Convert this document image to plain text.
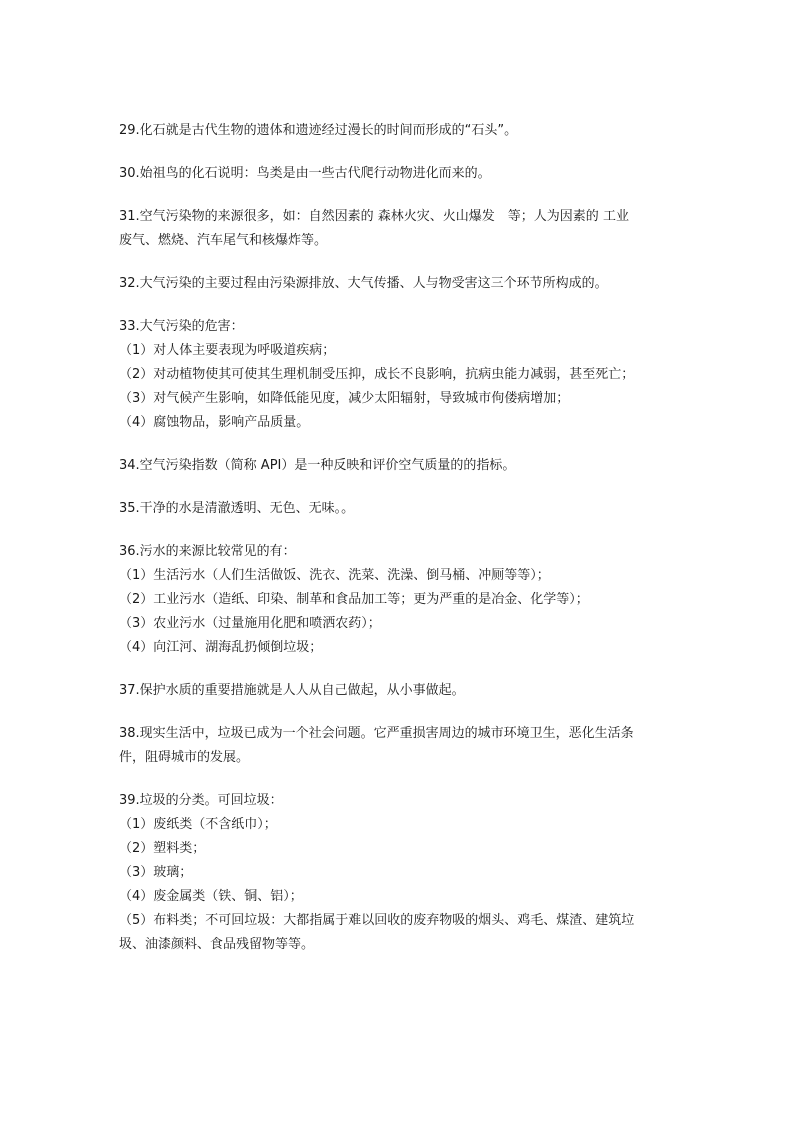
29.化石就是古代生物的遗体和遗迹经过漫长的时间而形成的“石头”。
30.始祖鸟的化石说明：鸟类是由一些古代爬行动物进化而来的。
31.空气污染物的来源很多，如：自然因素的 森林火灾、火山爆发　等；人为因素的 工业
废气、燃烧、汽车尾气和核爆炸等。
32.大气污染的主要过程由污染源排放、大气传播、人与物受害这三个环节所构成的。
33.大气污染的危害：
（1）对人体主要表现为呼吸道疾病；
（2）对动植物使其可使其生理机制受压抑，成长不良影响，抗病虫能力减弱，甚至死亡；
（3）对气候产生影响，如降低能见度，减少太阳辐射，导致城市佝偻病增加；
（4）腐蚀物品，影响产品质量。
34.空气污染指数（简称 API）是一种反映和评价空气质量的的指标。
35.干净的水是清澈透明、无色、无味。。
36.污水的来源比较常见的有：
（1）生活污水（人们生活做饭、洗衣、洗菜、洗澡、倒马桶、冲厕等等）；
（2）工业污水（造纸、印染、制革和食品加工等；更为严重的是冶金、化学等）；
（3）农业污水（过量施用化肥和喷洒农药）；
（4）向江河、湖海乱扔倾倒垃圾；
37.保护水质的重要措施就是人人从自己做起，从小事做起。
38.现实生活中，垃圾已成为一个社会问题。它严重损害周边的城市环境卫生，恶化生活条
件，阻碍城市的发展。
39.垃圾的分类。可回垃圾：
（1）废纸类（不含纸巾）；
（2）塑料类；
（3）玻璃；
（4）废金属类（铁、铜、铝）；
（5）布料类；不可回垃圾：大都指属于难以回收的废弃物吸的烟头、鸡毛、煤渣、建筑垃
圾、油漆颜料、食品残留物等等。
